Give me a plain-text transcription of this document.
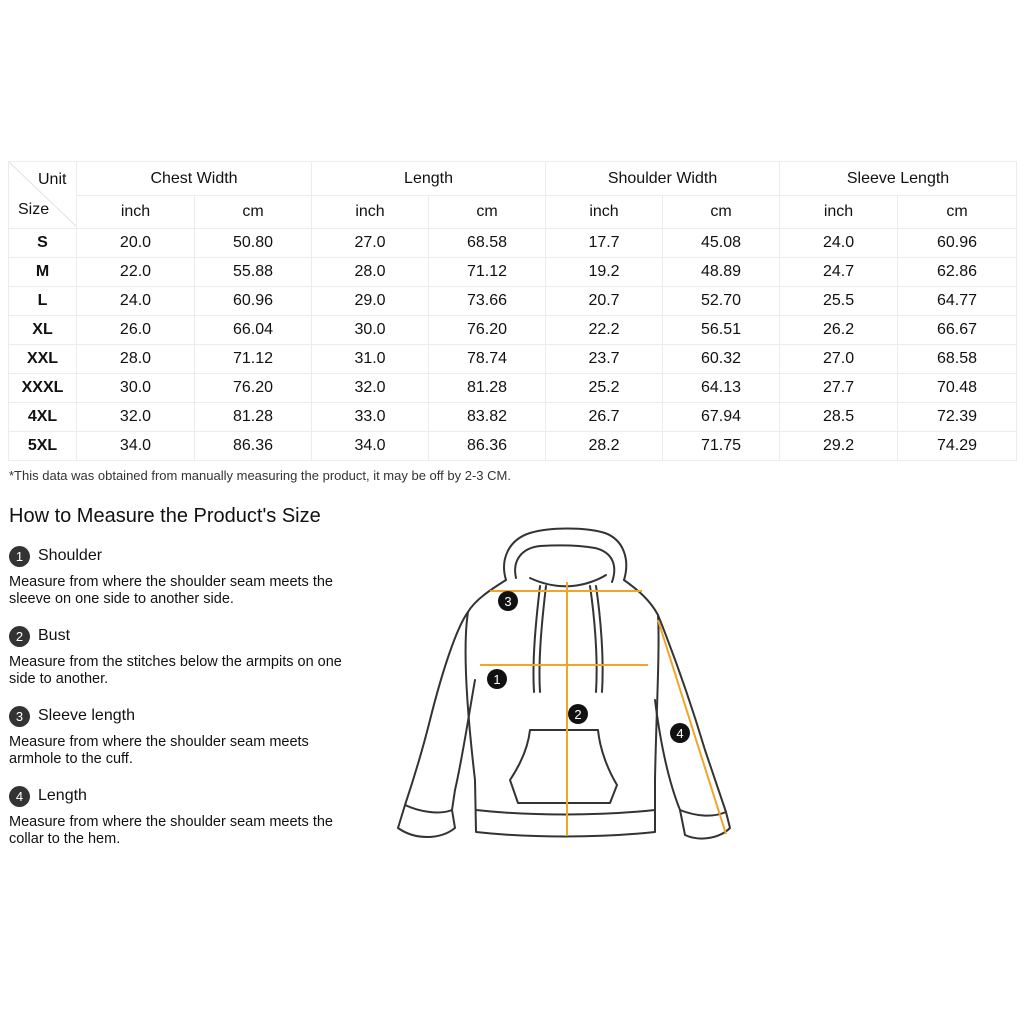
Unit
Size	Chest Width		Length		Shoulder Width		Sleeve Length	
	inch	cm	inch	cm	inch	cm	inch	cm
S	20.0	50.80	27.0	68.58	17.7	45.08	24.0	60.96
M	22.0	55.88	28.0	71.12	19.2	48.89	24.7	62.86
L	24.0	60.96	29.0	73.66	20.7	52.70	25.5	64.77
XL	26.0	66.04	30.0	76.20	22.2	56.51	26.2	66.67
XXL	28.0	71.12	31.0	78.74	23.7	60.32	27.0	68.58
XXXL	30.0	76.20	32.0	81.28	25.2	64.13	27.7	70.48
4XL	32.0	81.28	33.0	83.82	26.7	67.94	28.5	72.39
5XL	34.0	86.36	34.0	86.36	28.2	71.75	29.2	74.29
*This data was obtained from manually measuring the product, it may be off by 2-3 CM.
How to Measure the Product's Size
1 Shoulder
Measure from where the shoulder seam meets the sleeve on one side to another side.
2 Bust
Measure from the stitches below the armpits on one side to another.
3 Sleeve length
Measure from where the shoulder seam meets armhole to the cuff.
4 Length
Measure from where the shoulder seam meets the collar to the hem.
3
1
2
4
